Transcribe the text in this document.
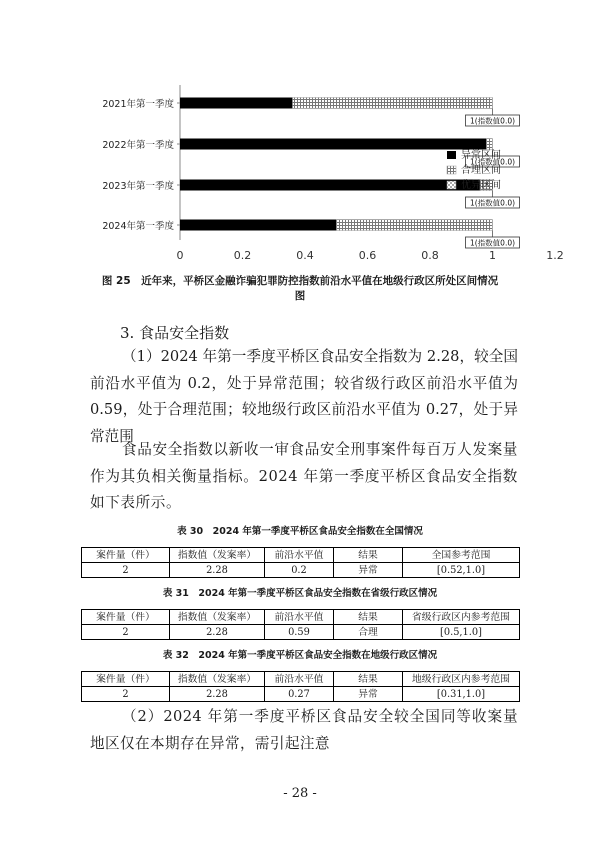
0	0.2	0.4	0.6	0.8	1	1.2
2021年第一季度
2022年第一季度
2023年第一季度
2024年第一季度
1(指数值0.0)
1(指数值0.0)
1(指数值0.0)
1(指数值0.0)
异常区间
合理区间
优异区间
图 25　近年来，平桥区金融诈骗犯罪防控指数前沿水平值在地级行政区所处区间情况
图
3. 食品安全指数
（1）2024 年第一季度平桥区食品安全指数为 2.28，较全国前沿水平值为 0.2，处于异常范围；较省级行政区前沿水平值为 0.59，处于合理范围；较地级行政区前沿水平值为 0.27，处于异常范围
食品安全指数以新收一审食品安全刑事案件每百万人发案量作为其负相关衡量指标。2024 年第一季度平桥区食品安全指数如下表所示。
表 30　2024 年第一季度平桥区食品安全指数在全国情况
案件量（件）	指数值（发案率）	前沿水平值	结果	全国参考范围
2	2.28	0.2	异常	[0.52,1.0]
表 31　2024 年第一季度平桥区食品安全指数在省级行政区情况
案件量（件）	指数值（发案率）	前沿水平值	结果	省级行政区内参考范围
2	2.28	0.59	合理	[0.5,1.0]
表 32　2024 年第一季度平桥区食品安全指数在地级行政区情况
案件量（件）	指数值（发案率）	前沿水平值	结果	地级行政区内参考范围
2	2.28	0.27	异常	[0.31,1.0]
（2）2024 年第一季度平桥区食品安全较全国同等收案量地区仅在本期存在异常，需引起注意
- 28 -
